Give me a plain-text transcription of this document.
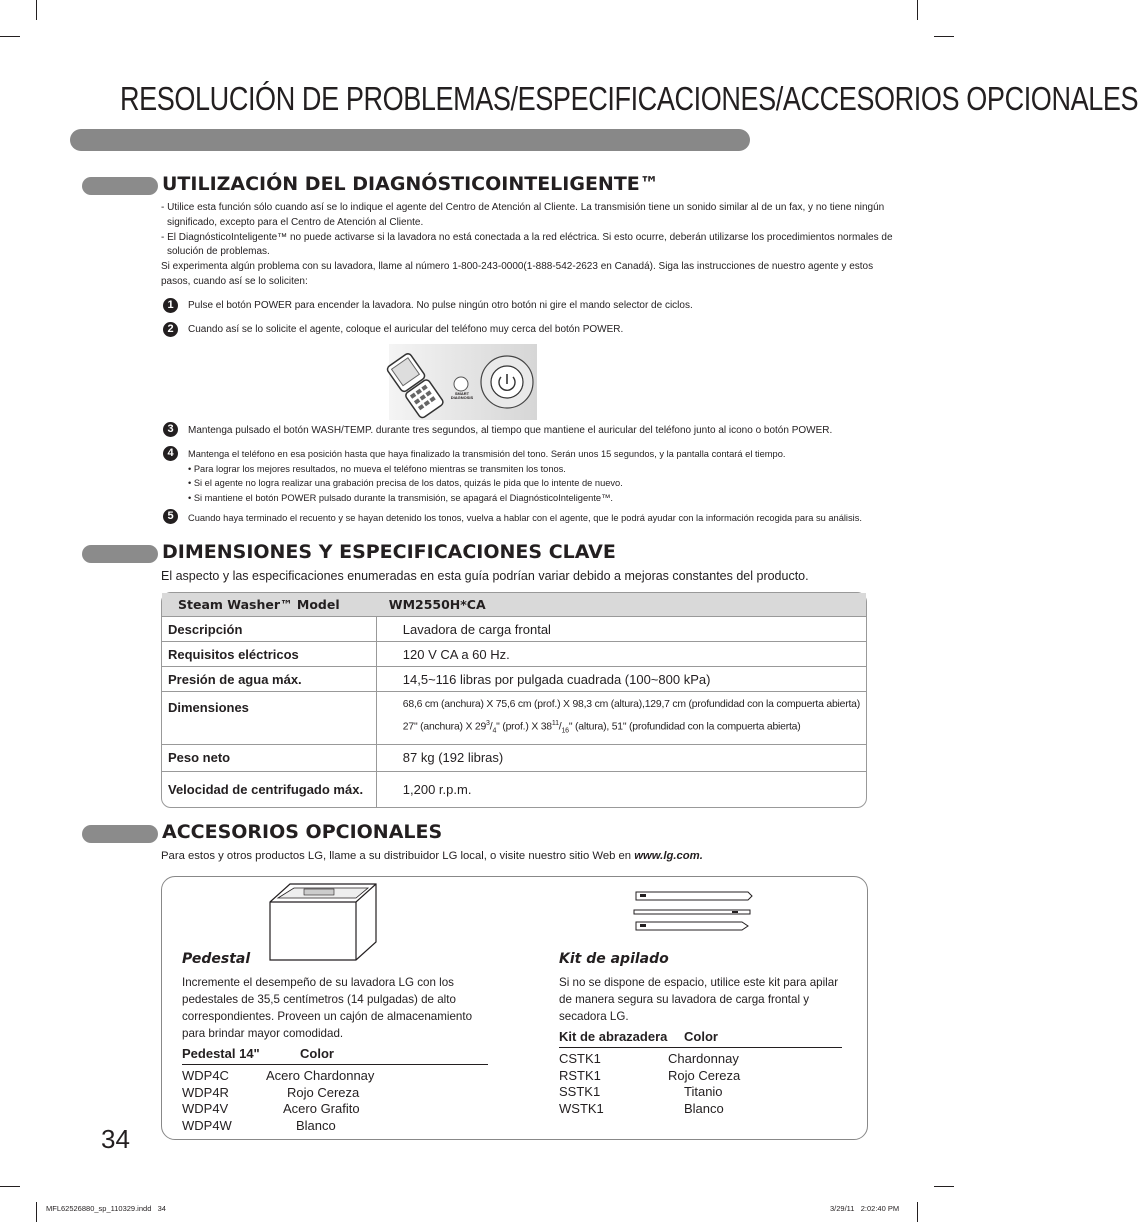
RESOLUCIÓN DE PROBLEMAS/ESPECIFICACIONES/ACCESORIOS OPCIONALES
UTILIZACIÓN DEL DIAGNÓSTICOINTELIGENTE™
- Utilice esta función sólo cuando así se lo indique el agente del Centro de Atención al Cliente. La transmisión tiene un sonido similar al de un fax, y no tiene ningún
significado, excepto para el Centro de Atención al Cliente.
- El DiagnósticoInteligente™ no puede activarse si la lavadora no está conectada a la red eléctrica. Si esto ocurre, deberán utilizarse los procedimientos normales de
solución de problemas.
Si experimenta algún problema con su lavadora, llame al número 1-800-243-0000(1-888-542-2623 en Canadá). Siga las instrucciones de nuestro agente y estos
pasos, cuando así se lo soliciten:
1	Pulse el botón POWER para encender la lavadora. No pulse ningún otro botón ni gire el mando selector de ciclos.
2	Cuando así se lo solicite el agente, coloque el auricular del teléfono muy cerca del botón POWER.
SMART DIAGNOSIS
3	Mantenga pulsado el botón WASH/TEMP. durante tres segundos, al tiempo que mantiene el auricular del teléfono junto al icono o botón POWER.
4	Mantenga el teléfono en esa posición hasta que haya finalizado la transmisión del tono. Serán unos 15 segundos, y la pantalla contará el tiempo.
• Para lograr los mejores resultados, no mueva el teléfono mientras se transmiten los tonos.
• Si el agente no logra realizar una grabación precisa de los datos, quizás le pida que lo intente de nuevo.
• Si mantiene el botón POWER pulsado durante la transmisión, se apagará el DiagnósticoInteligente™.
5	Cuando haya terminado el recuento y se hayan detenido los tonos, vuelva a hablar con el agente, que le podrá ayudar con la información recogida para su análisis.
DIMENSIONES Y ESPECIFICACIONES CLAVE
El aspecto y las especificaciones enumeradas en esta guía podrían variar debido a mejoras constantes del producto.
Steam Washer™ Model	WM2550H*CA
Descripción	Lavadora de carga frontal
Requisitos eléctricos	120 V CA a 60 Hz.
Presión de agua máx.	14,5~116 libras por pulgada cuadrada (100~800 kPa)
Dimensiones	68,6 cm (anchura) X 75,6 cm (prof.) X 98,3 cm (altura),129,7 cm (profundidad con la compuerta abierta)
27" (anchura) X $29^3/_4$" (prof.) X $38^{11}/_{16}$" (altura), 51" (profundidad con la compuerta abierta)

Peso neto	87 kg (192 libras)
Velocidad de centrifugado máx.	1,200 r.p.m.
ACCESORIOS OPCIONALES
Para estos y otros productos LG, llame a su distribuidor LG local, o visite nuestro sitio Web en www.lg.com.
Pedestal
Incremente el desempeño de su lavadora LG con los pedestales de 35,5 centímetros (14 pulgadas) de alto correspondientes. Proveen un cajón de almacenamiento para brindar mayor comodidad.
Pedestal 14"	Color
WDP4C	Acero Chardonnay
WDP4R	Rojo Cereza
WDP4V	Acero Grafito
WDP4W	Blanco
Kit de apilado
Si no se dispone de espacio, utilice este kit para apilar de manera segura su lavadora de carga frontal y secadora LG.
Kit de abrazadera	Color
CSTK1	Chardonnay
RSTK1	Rojo Cereza
SSTK1	Titanio
WSTK1	Blanco
34
MFL62526880_sp_110329.indd   34	3/29/11   2:02:40 PM
